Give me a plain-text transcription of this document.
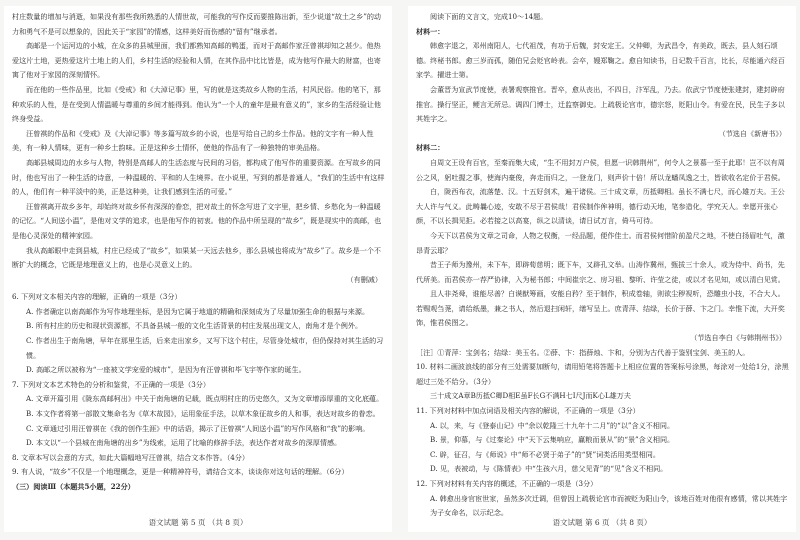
村庄数量的增加与消逝，如果没有那些我所熟悉的人情世故，可能我的写作反而要推陈出新，至少说道“故土之乡”的动力和勇气不是可以想象的，因此关于“家园”的情感，这样美好而伤感的“留有”继承者。

高邮是一个运河边的小城，在众多的县城里面，我们都熟知高邮的鸭蛋，而对于高邮作家汪曾祺却知之甚少。他热爱这片土地，更热爱这片土地上的人们，乡村生活的经验和人情，在其作品中比比皆是，成为他写作最大的财富，也寄寓了他对于家园的深刻情怀。

而在他的一些作品里，比如《受戒》和《大淖记事》里，写的就是这类故乡人物的生活，村风民俗。他的笔下，那种欢乐的人性，是在受到人情温暖与尊重的乡间才能得到。他认为“一个人的童年是最有意义的”，家乡的生活经验让他终身受益。

汪曾祺的作品和《受戒》及《大淖记事》等多篇写故乡的小说，也是写给自己的乡土作品。他的文字有一种人性美，有一种人情味，更有一种乡土韵味。正是这种乡土情怀，使他的作品有了一种独特的审美品格。

高邮县城周边的水乡与人物，特别是高邮人的生活态度与民间的习俗，都构成了他写作的重要资源。在写故乡的同时，他也写出了一种生活的诗意，一种温暖的、平和的人生境界。在小说里，写到的都是普通人，“我们的生活中有这样的人，他们有一种平淡中的美，正是这种美，让我们感到生活的可爱。”

汪曾祺离开故乡多年，却始终对故乡怀有深深的眷恋，把对故土的怀念写进了文字里，把乡情、乡愁化为一种温暖的记忆。“人间送小温”，是他对文学的追求，也是他写作的初衷。他的作品中所呈现的“故乡”，既是现实中的高邮，也是他心灵深处的精神家园。

我从高邮眼中走到县城，村庄已经成了“故乡”，如果某一天远去他乡，那么县城也将成为“故乡”了。故乡是一个不断扩大的概念，它既是地理意义上的，也是心灵意义上的。

（有删减）

6. 下列对文本相关内容的理解，正确的一项是（3分）

A. 作者确定以南高邮作为写作地理坐标，是因为它属于地道的精确和深刻成为了尽量加强生命的根据与来源。

B. 所有村庄的历史和现状资源都，不具备县城一般的文化生活背景的村庄发展出现文人，南角才是个例外。

C. 作者出生于南角塘，早年在那里生活，后来走出家乡，又写下这个村庄，尽管身处城市，但仍保持对其生活的习惯。

D. 高邮之所以被称为“一座被文学宠爱的城市”，是因为有汪曾祺和毕飞宇等作家的诞生。

7. 下列对文本艺术特色的分析和鉴赏，不正确的一项是（3分）

A. 文章开篇引用《陇东高邮柯出》中关于南角塘的记载，既点明村庄的历史悠久，又为文章增添厚重的文化底蕴。

B. 本文作者将第一部散文集命名为《草木故园》，运用象征手法，以草木象征故乡的人和事，表达对故乡的眷恋。

C. 文章通过引用汪曾祺在《我的创作生涯》中的话语，揭示了汪曾祺“人间送小温”的写作风格和“我”的影响。

D. 本文以“一个县城在南角塘的出乡”为线索，运用了比喻的修辞手法，表达作者对故乡的深厚情感。

8. 文章本写以会意的方式，如此大篇幅地写汪曾祺，结合文本作答。（4分）

9. 有人说，“故乡”不仅是一个地理概念，更是一种精神符号，请结合文本，谈谈你对这句话的理解。（6分）

（三）阅读Ⅲ（本题共5小题，22分）

语文试题 第 5 页 （共 8 页）

阅读下面的文言文，完成10～14题。

材料一：

韩愈字退之，邓州南阳人，七代祖茂，有功于后魏，封安定王。父仲卿，为武昌令，有美政，既去，县人刻石颂德。终秘书郎。愈三岁而孤，随伯兄会贬官岭表。会卒，嫂郑鞠之。愈自知读书，日记数千百言，比长，尽能通六经百家学。擢进士第。

会董晋为宣武节度使，表署观察推官。晋卒，愈从丧出，不四日，汴军乱，乃去。依武宁节度使张建封，建封辟府推官。操行坚正，鲠言无所忌。调四门博士，迁监察御史。上疏极论宫市，德宗怒，贬阳山令。有爱在民，民生子多以其姓字之。

（节选自《新唐书》）

材料二：

自周文王设有百官，至秦而集大成，“生不用封万户侯，但愿一识韩荆州”，何令人之景慕一至于此耶！岂不以有周公之风，躬吐握之事，使海内豪俊，奔走而归之，一登龙门，则声价十倍！所以龙蟠凤逸之士，皆欲收名定价于君侯。

白，陇西布衣，流落楚、汉。十五好剑术，遍干诸侯。三十成文章，历抵卿相。虽长不满七尺，而心雄万夫。王公大人许与气义。此畴曩心迹，安敢不尽于君侯哉！君侯制作侔神明，德行动天地，笔参造化，学究天人。幸愿开张心颜，不以长揖见拒。必若接之以高宴，纵之以清谈，请日试万言，倚马可待。

今天下以君侯为文章之司命，人物之权衡，一经品题，便作佳士。而君侯何惜阶前盈尺之地，不使白扬眉吐气，激昂青云耶？

昔王子师为豫州，未下车，即辟荀慈明；既下车，又辟孔文举。山涛作冀州，甄拔三十余人，或为侍中、尚书，先代所美。而君侯亦一荐严协律，入为秘书郎；中间崔宗之、房习祖、黎昕、许莹之徒，或以才名见知，或以清白见赏。

且人非尧舜，谁能尽善？白谟猷筹画，安能自矜？至于制作，积成卷轴，则欲尘秽视听，恐雕虫小技，不合大人。若赐观刍荛，请给纸墨，兼之书人，然后退扫闲轩，缮写呈上。庶青萍、结绿，长价于薛、卞之门。幸惟下流，大开奖饰，惟君侯图之。

（节选自李白《与韩荆州书》）

［注］①青萍：宝剑名；结绿：美玉名。②薛、卞：指薛烛、卞和，分别为古代善于鉴别宝剑、美玉的人。

10. 材料二画波浪线的部分有三处需要加断句，请用铅笔将答题卡上相应位置的答案标号涂黑，每涂对一处给1分，涂黑超过三处不给分。（3分）

三十成文A章B历抵C卿D相E虽F长G不满H七I尺J而K心L雄万夫

11. 下列对材料中加点词语及相关内容的解说，不正确的一项是（3分）

A. 以，来，与《登泰山记》中“余以乾隆三十九年十二月”的“以”含义不相同。

B. 景，仰慕，与《过秦论》中“天下云集响应，赢粮而景从”的“景”含义相同。

C. 辟，征召，与《师说》中“师不必贤于弟子”的“贤”词类活用类型相同。

D. 见，表被动，与《陈情表》中“生孩六月，慈父见背”的“见”含义不相同。

12. 下列对材料有关内容的概述，不正确的一项是（3分）

A. 韩愈出身官宦世家，虽然多次迁调，但曾因上疏极论宫市而被贬为阳山令，该地百姓对他很有感情，常以其姓字为子女命名，以示纪念。

语文试题 第 6 页 （共 8 页）
